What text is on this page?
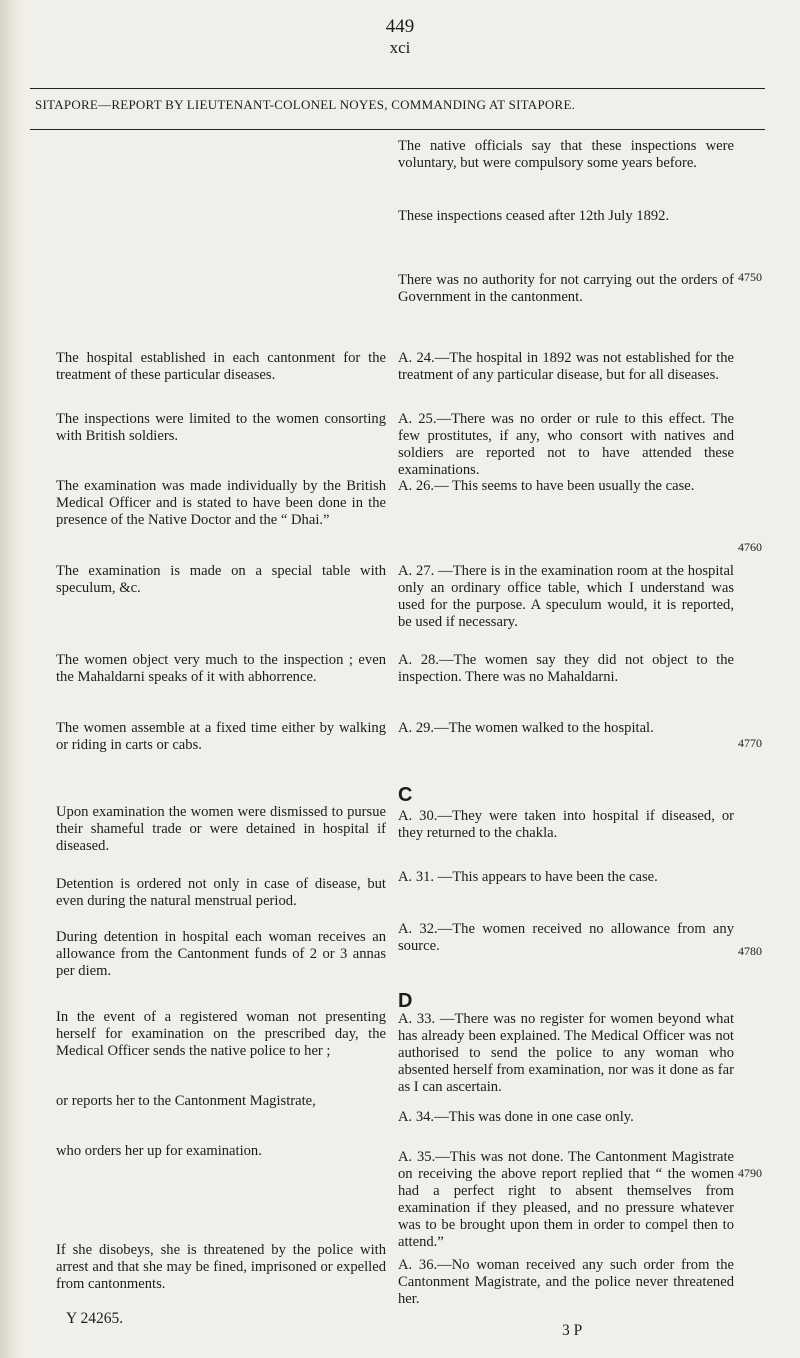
449
xci
SITAPORE—REPORT BY LIEUTENANT-COLONEL NOYES, COMMANDING AT SITAPORE.

The hospital established in each cantonment for the treatment of these particular diseases.

The inspections were limited to the women consorting with British soldiers.

The examination was made individually by the British Medical Officer and is stated to have been done in the presence of the Native Doctor and the “ Dhai.”

The examination is made on a special table with speculum, &c.

The women object very much to the inspection ; even the Mahaldarni speaks of it with abhorrence.

The women assemble at a fixed time either by walking or riding in carts or cabs.

Upon examination the women were dismissed to pursue their shameful trade or were detained in hospital if diseased.

Detention is ordered not only in case of disease, but even during the natural menstrual period.

During detention in hospital each woman receives an allowance from the Cantonment funds of 2 or 3 annas per diem.

In the event of a registered woman not presenting herself for examination on the prescribed day, the Medical Officer sends the native police to her ;

or reports her to the Cantonment Magistrate,

who orders her up for examination.

If she disobeys, she is threatened by the police with arrest and that she may be fined, imprisoned or expelled from cantonments.

The native officials say that these inspections were voluntary, but were compulsory some years before.

These inspections ceased after 12th July 1892.

There was no authority for not carrying out the orders of Government in the cantonment.

A. 24.—The hospital in 1892 was not established for the treatment of any particular disease, but for all diseases.

A. 25.—There was no order or rule to this effect. The few prostitutes, if any, who consort with natives and soldiers are reported not to have attended these examinations.

A. 26.— This seems to have been usually the case.

A. 27. —There is in the examination room at the hospital only an ordinary office table, which I understand was used for the purpose. A speculum would, it is reported, be used if necessary.

A. 28.—The women say they did not object to the inspection. There was no Mahaldarni.

A. 29.—The women walked to the hospital.

A. 30.—They were taken into hospital if diseased, or they returned to the chakla.

A. 31. —This appears to have been the case.

A. 32.—The women received no allowance from any source.

A. 33. —There was no register for women beyond what has already been explained. The Medical Officer was not authorised to send the police to any woman who absented herself from examination, nor was it done as far as I can ascertain.

A. 34.—This was done in one case only.

A. 35.—This was not done. The Cantonment Magistrate on receiving the above report replied that “ the women had a perfect right to absent themselves from examination if they pleased, and no pressure whatever was to be brought upon them in order to compel then to attend.”

A. 36.—No woman received any such order from the Cantonment Magistrate, and the police never threatened her.

C
D
4750
4760
4770
4780
4790
Y 24265.
3 P
